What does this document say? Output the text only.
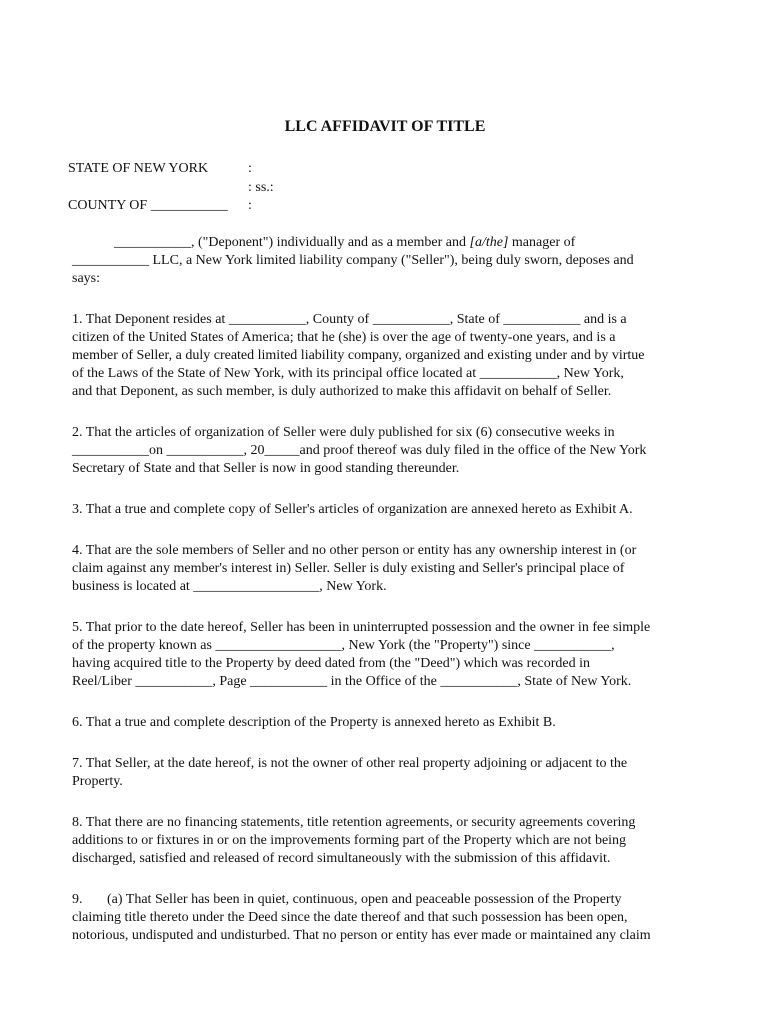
LLC AFFIDAVIT OF TITLE
STATE OF NEW YORK	:
: ss.:
COUNTY OF ___________ :
___________, ("Deponent") individually and as a member and [a/the] manager of
___________ LLC, a New York limited liability company ("Seller"), being duly sworn, deposes and
says:
1. That Deponent resides at ___________, County of ___________, State of ___________ and is a
citizen of the United States of America; that he (she) is over the age of twenty-one years, and is a
member of Seller, a duly created limited liability company, organized and existing under and by virtue
of the Laws of the State of New York, with its principal office located at ___________, New York,
and that Deponent, as such member, is duly authorized to make this affidavit on behalf of Seller.
2. That the articles of organization of Seller were duly published for six (6) consecutive weeks in
___________on ___________, 20_____and proof thereof was duly filed in the office of the New York
Secretary of State and that Seller is now in good standing thereunder.
3. That a true and complete copy of Seller's articles of organization are annexed hereto as Exhibit A.
4. That are the sole members of Seller and no other person or entity has any ownership interest in (or
claim against any member's interest in) Seller. Seller is duly existing and Seller's principal place of
business is located at __________________, New York.
5. That prior to the date hereof, Seller has been in uninterrupted possession and the owner in fee simple
of the property known as __________________, New York (the "Property") since ___________,
having acquired title to the Property by deed dated from (the "Deed") which was recorded in
Reel/Liber ___________, Page ___________ in the Office of the ___________, State of New York.
6. That a true and complete description of the Property is annexed hereto as Exhibit B.
7. That Seller, at the date hereof, is not the owner of other real property adjoining or adjacent to the
Property.
8. That there are no financing statements, title retention agreements, or security agreements covering
additions to or fixtures in or on the improvements forming part of the Property which are not being
discharged, satisfied and released of record simultaneously with the submission of this affidavit.
9.       (a) That Seller has been in quiet, continuous, open and peaceable possession of the Property
claiming title thereto under the Deed since the date thereof and that such possession has been open,
notorious, undisputed and undisturbed. That no person or entity has ever made or maintained any claim
